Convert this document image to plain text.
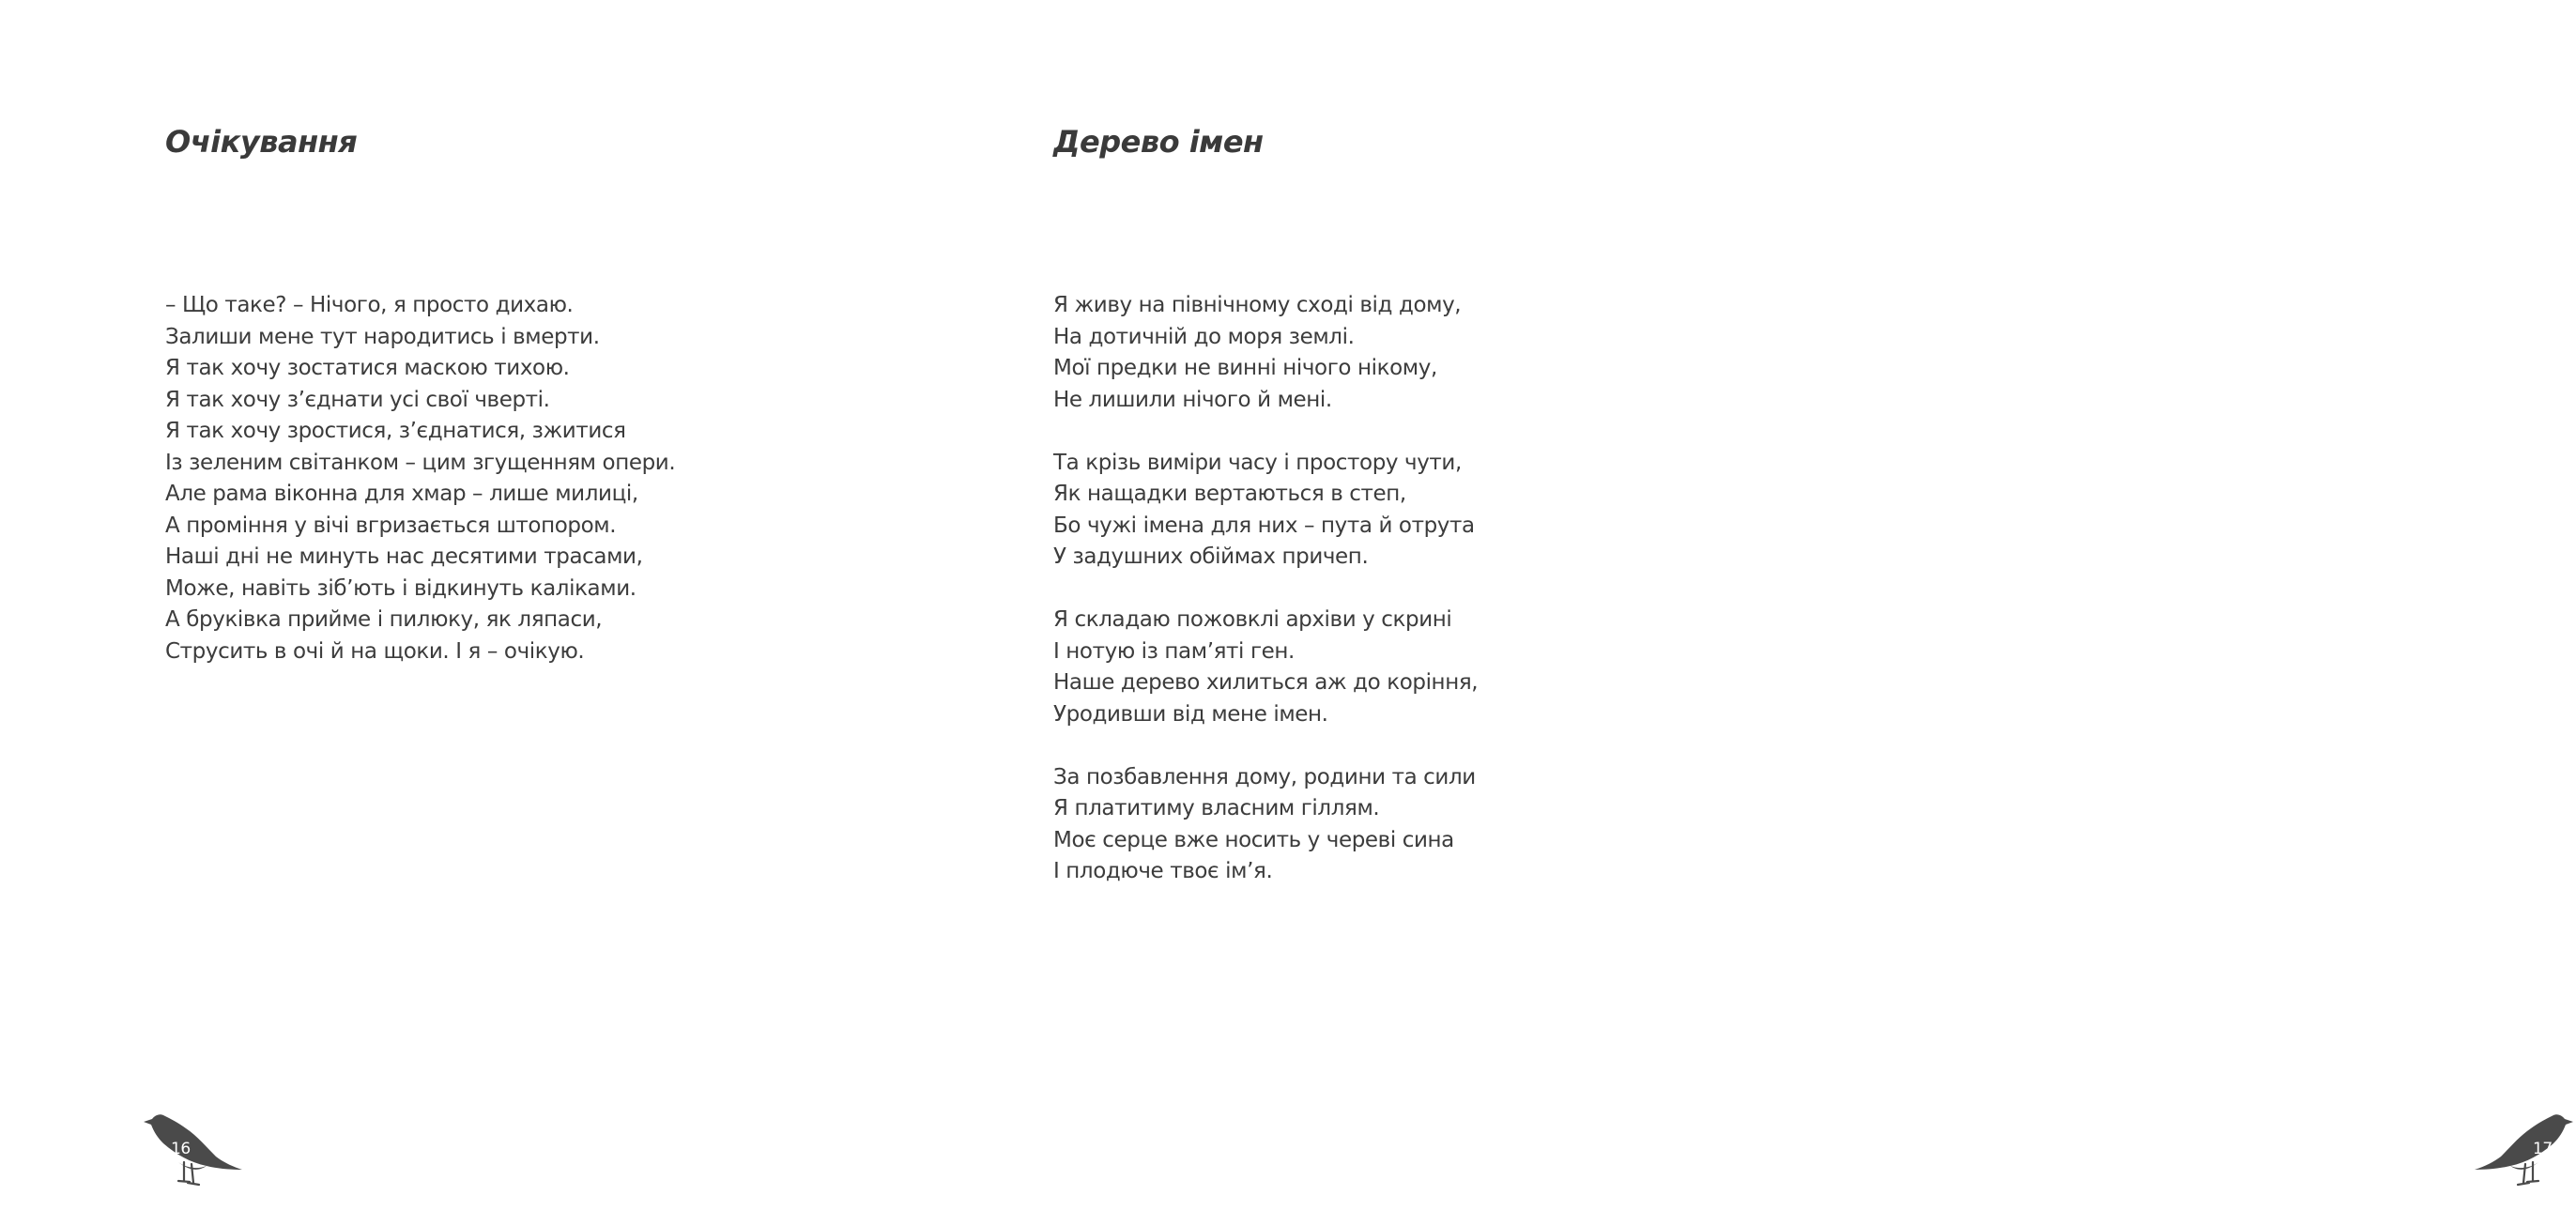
Очікування

– Що таке? – Нічого, я просто дихаю.
Залиши мене тут народитись і вмерти.
Я так хочу зостатися маскою тихою.
Я так хочу з’єднати усі свої чверті.
Я так хочу зростися, з’єднатися, зжитися
Із зеленим світанком – цим згущенням опери.
Але рама віконна для хмар – лише милиці,
А проміння у вічі вгризається штопором.
Наші дні не минуть нас десятими трасами,
Може, навіть зіб’ють і відкинуть каліками.
А бруківка прийме і пилюку, як ляпаси,
Струсить в очі й на щоки. І я – очікую.

16
Дерево імен

Я живу на північному сході від дому,
На дотичній до моря землі.
Мої предки не винні нічого нікому,
Не лишили нічого й мені.

Та крізь виміри часу і простору чути,
Як нащадки вертаються в степ,
Бо чужі імена для них – пута й отрута
У задушних обіймах причеп.

Я складаю пожовклі архіви у скрині
І нотую із пам’яті ген.
Наше дерево хилиться аж до коріння,
Уродивши від мене імен.

За позбавлення дому, родини та сили
Я платитиму власним гіллям.
Моє серце вже носить у череві сина
І плодюче твоє ім’я.

17
